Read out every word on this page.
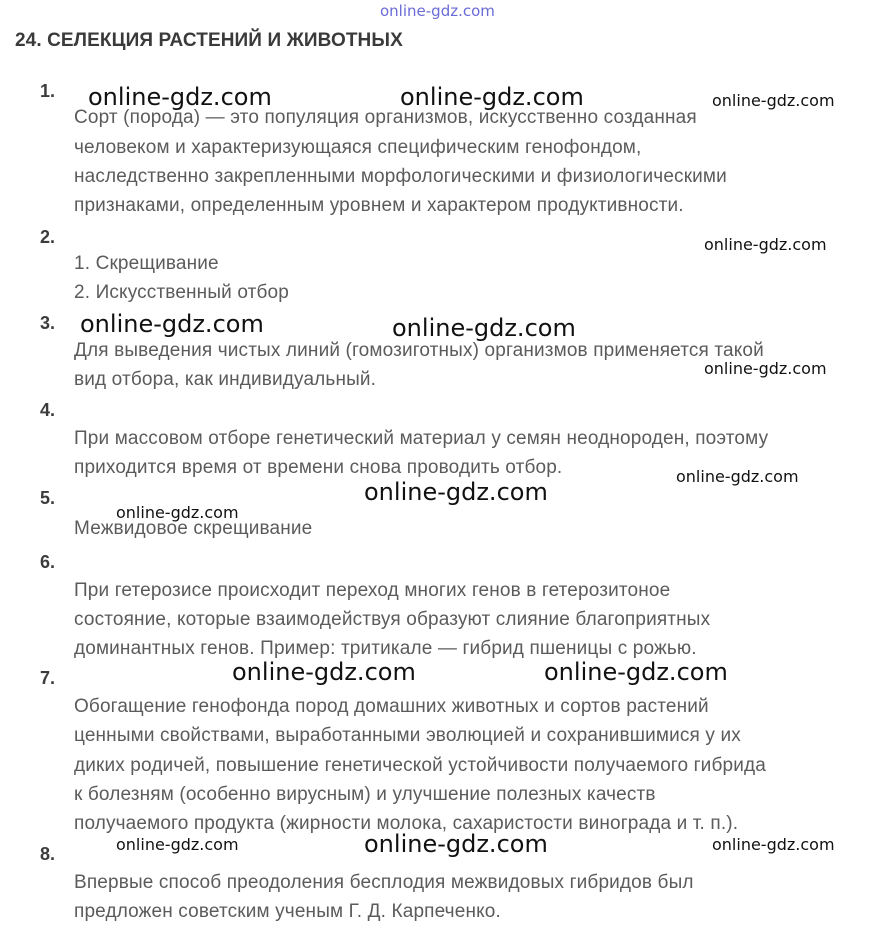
online-gdz.com
24. СЕЛЕКЦИЯ РАСТЕНИЙ И ЖИВОТНЫХ
1.
Сорт (порода) — это популяция организмов, искусственно созданная
человеком и характеризующаяся специфическим генофондом,
наследственно закрепленными морфологическими и физиологическими
признаками, определенным уровнем и характером продуктивности.
2.
1. Скрещивание
2. Искусственный отбор
3.
Для выведения чистых линий (гомозиготных) организмов применяется такой
вид отбора, как индивидуальный.
4.
При массовом отборе генетический материал у семян неоднороден, поэтому
приходится время от времени снова проводить отбор.
5.
Межвидовое скрещивание
6.
При гетерозисе происходит переход многих генов в гетерозитоное
состояние, которые взаимодействуя образуют слияние благоприятных
доминантных генов. Пример: тритикале — гибрид пшеницы с рожью.
7.
Обогащение генофонда пород домашних животных и сортов растений
ценными свойствами, выработанными эволюцией и сохранившимися у их
диких родичей, повышение генетической устойчивости получаемого гибрида
к болезням (особенно вирусным) и улучшение полезных качеств
получаемого продукта (жирности молока, сахаристости винограда и т. п.).
8.
Впервые способ преодоления бесплодия межвидовых гибридов был
предложен советским ученым Г. Д. Карпеченко.
online-gdz.com	online-gdz.com	online-gdz.com
online-gdz.com
online-gdz.com	online-gdz.com
online-gdz.com
online-gdz.com
online-gdz.com
online-gdz.com
online-gdz.com	online-gdz.com
online-gdz.com	online-gdz.com	online-gdz.com
